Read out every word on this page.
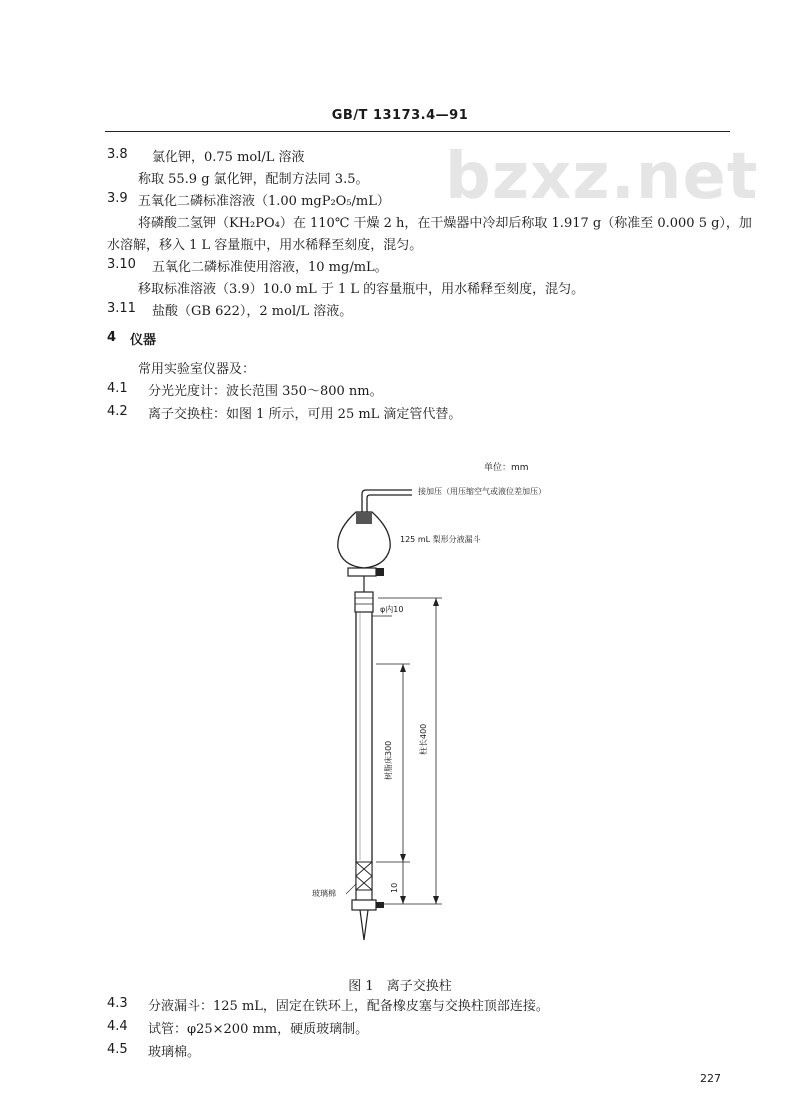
GB/T 13173.4—91
bzxz.net
3.8 氯化钾，0.75 mol/L 溶液
称取 55.9 g 氯化钾，配制方法同 3.5。
3.9 五氧化二磷标准溶液（1.00 mgP₂O₅/mL）
将磷酸二氢钾（KH₂PO₄）在 110℃ 干燥 2 h，在干燥器中冷却后称取 1.917 g（称准至 0.000 5 g），加
水溶解，移入 1 L 容量瓶中，用水稀释至刻度，混匀。
3.10 五氧化二磷标准使用溶液，10 mg/mL。
移取标准溶液（3.9）10.0 mL 于 1 L 的容量瓶中，用水稀释至刻度，混匀。
3.11 盐酸（GB 622），2 mol/L 溶液。
4 仪器
常用实验室仪器及：
4.1 分光光度计：波长范围 350～800 nm。
4.2 离子交换柱：如图 1 所示，可用 25 mL 滴定管代替。
单位：mm
接加压（用压缩空气或液位差加压）
125 mL 梨形分液漏斗
φ内10
树脂床300
柱长400
10
玻璃棉
图 1　离子交换柱
4.3 分液漏斗：125 mL，固定在铁环上，配备橡皮塞与交换柱顶部连接。
4.4 试管：φ25×200 mm，硬质玻璃制。
4.5 玻璃棉。
227
